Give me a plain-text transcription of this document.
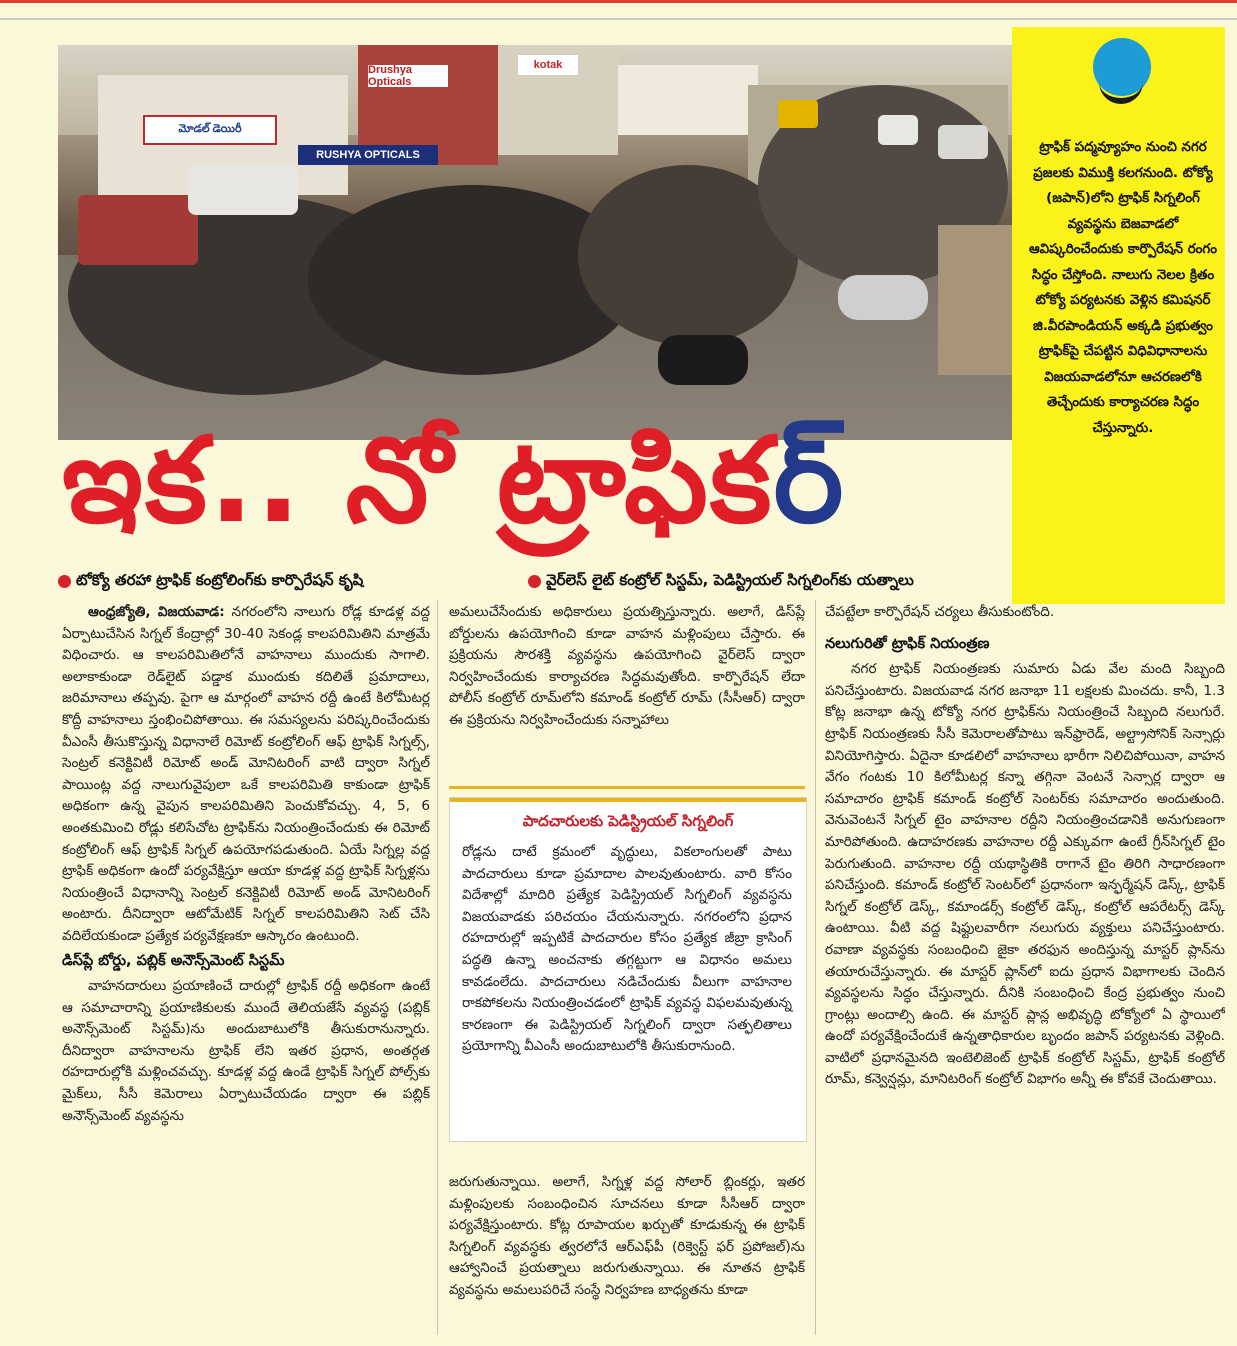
మోడల్ డెయిరీ
RUSHYA OPTICALS
Drushya Opticals
kotak
ట్రాఫిక్ పద్మవ్యూహం నుంచి నగర ప్రజలకు విముక్తి కలగనుంది. టోక్యో (జపాన్)లోని ట్రాఫిక్ సిగ్నలింగ్ వ్యవస్థను బెజవాడలో ఆవిష్కరించేందుకు కార్పొరేషన్ రంగం సిద్ధం చేస్తోంది. నాలుగు నెలల క్రితం టోక్యో పర్యటనకు వెళ్లిన కమిషనర్ జి.వీరపాండియన్ అక్కడి ప్రభుత్వం ట్రాఫిక్‌పై చేపట్టిన విధివిధానాలను విజయవాడలోనూ ఆచరణలోకి తెచ్చేందుకు కార్యాచరణ సిద్ధం చేస్తున్నారు.
ఇక.. నో ట్రాఫికర్
టోక్యో తరహా ట్రాఫిక్ కంట్రోలింగ్‌కు కార్పొరేషన్ కృషి	వైర్‌లెస్ లైట్ కంట్రోల్ సిస్టమ్, పెడిస్ట్రియల్ సిగ్నలింగ్‌కు యత్నాలు

ఆంధ్రజ్యోతి, విజయవాడ: నగరంలోని నాలుగు రోడ్ల కూడళ్ల వద్ద ఏర్పాటుచేసిన సిగ్నల్ కేంద్రాల్లో 30-40 సెకండ్ల కాలపరిమితిని మాత్రమే విధించారు. ఆ కాలపరిమితిలోనే వాహనాలు ముందుకు సాగాలి. అలాకాకుండా రెడ్‌లైట్ పడ్డాక ముందుకు కదిలితే ప్రమాదాలు, జరిమానాలు తప్పవు. పైగా ఆ మార్గంలో వాహన రద్దీ ఉంటే కిలోమీటర్ల కొద్దీ వాహనాలు స్తంభించిపోతాయి. ఈ సమస్యలను పరిష్కరించేందుకు వీఎంసీ తీసుకొస్తున్న విధానాలే రిమోట్ కంట్రోలింగ్ ఆఫ్ ట్రాఫిక్ సిగ్నల్స్, సెంట్రల్ కనెక్టివిటీ రిమోట్ అండ్ మోనిటరింగ్ వాటి ద్వారా సిగ్నల్ పాయింట్ల వద్ద నాలుగువైపులా ఒకే కాలపరిమితి కాకుండా ట్రాఫిక్ అధికంగా ఉన్న వైపున కాలపరిమితిని పెంచుకోవచ్చు. 4, 5, 6 అంతకుమించి రోడ్లు కలిసేచోట ట్రాఫిక్‌ను నియంత్రించేందుకు ఈ రిమోట్ కంట్రోలింగ్ ఆఫ్ ట్రాఫిక్ సిగ్నల్ ఉపయోగపడుతుంది. ఏయే సిగ్నల్ల వద్ద ట్రాఫిక్ అధికంగా ఉందో పర్యవేక్షిస్తూ ఆయా కూడళ్ల వద్ద ట్రాఫిక్ సిగ్నళ్లను నియంత్రించే విధానాన్ని సెంట్రల్ కనెక్టివిటీ రిమోట్ అండ్ మోనిటరింగ్ అంటారు. దీనిద్వారా ఆటోమేటిక్ సిగ్నల్ కాలపరిమితిని సెట్ చేసి వదిలేయకుండా ప్రత్యేక పర్యవేక్షణకూ ఆస్కారం ఉంటుంది.

డిస్‌ప్లే బోర్డు, పబ్లిక్ అనౌన్స్‌మెంట్ సిస్టమ్

వాహనదారులు ప్రయాణించే దారుల్లో ట్రాఫిక్ రద్దీ అధికంగా ఉంటే ఆ సమాచారాన్ని ప్రయాణికులకు ముందే తెలియజేసే వ్యవస్థ (పబ్లిక్ అనౌన్స్‌మెంట్ సిస్టమ్)ను అందుబాటులోకి తీసుకురానున్నారు. దీనిద్వారా వాహనాలను ట్రాఫిక్ లేని ఇతర ప్రధాన, అంతర్గత రహదారుల్లోకి మళ్లించవచ్చు. కూడళ్ల వద్ద ఉండే ట్రాఫిక్ సిగ్నల్ పోల్స్‌కు మైక్‌లు, సీసీ కెమెరాలు ఏర్పాటుచేయడం ద్వారా ఈ పబ్లిక్ అనౌన్స్‌మెంట్ వ్యవస్థను

అమలుచేసేందుకు అధికారులు ప్రయత్నిస్తున్నారు. అలాగే, డిస్‌ప్లే బోర్డులను ఉపయోగించి కూడా వాహన మళ్లింపులు చేస్తారు. ఈ ప్రక్రియను సౌరశక్తి వ్యవస్థను ఉపయోగించి వైర్‌లెస్ ద్వారా నిర్వహించేందుకు కార్యాచరణ సిద్ధమవుతోంది. కార్పొరేషన్ లేదా పోలీస్ కంట్రోల్ రూమ్‌లోని కమాండ్ కంట్రోల్ రూమ్ (సీసీఆర్) ద్వారా ఈ ప్రక్రియను నిర్వహించేందుకు సన్నాహాలు

పాదచారులకు పెడిస్ట్రియల్ సిగ్నలింగ్
రోడ్లను దాటే క్రమంలో వృద్ధులు, వికలాంగులతో పాటు పాదచారులు కూడా ప్రమాదాల పాలవుతుంటారు. వారి కోసం విదేశాల్లో మాదిరి ప్రత్యేక పెడిస్ట్రియల్ సిగ్నలింగ్ వ్యవస్థను విజయవాడకు పరిచయం చేయనున్నారు. నగరంలోని ప్రధాన రహదారుల్లో ఇప్పటికే పాదచారుల కోసం ప్రత్యేక జీబ్రా క్రాసింగ్ పద్ధతి ఉన్నా అంచనాకు తగ్గట్టుగా ఆ విధానం అమలు కావడంలేదు. పాదచారులు నడిచేందుకు వీలుగా వాహనాల రాకపోకలను నియంత్రించడంలో ట్రాఫిక్ వ్యవస్థ విఫలమవుతున్న కారణంగా ఈ పెడిస్ట్రియల్ సిగ్నలింగ్ ద్వారా సత్ఫలితాలు ప్రయోగాన్ని వీఎంసీ అందుబాటులోకి తీసుకురానుంది.

జరుగుతున్నాయి. అలాగే, సిగ్నళ్ల వద్ద సోలార్ బ్లింకర్లు, ఇతర మళ్లింపులకు సంబంధించిన సూచనలు కూడా సీసీఆర్ ద్వారా పర్యవేక్షిస్తుంటారు. కోట్ల రూపాయల ఖర్చుతో కూడుకున్న ఈ ట్రాఫిక్ సిగ్నలింగ్ వ్యవస్థకు త్వరలోనే ఆర్‌ఎఫ్‌పీ (రిక్వెస్ట్ ఫర్ ప్రపోజల్)ను ఆహ్వానించే ప్రయత్నాలు జరుగుతున్నాయి. ఈ నూతన ట్రాఫిక్ వ్యవస్థను అమలుపరిచే సంస్థే నిర్వహణ బాధ్యతను కూడా

చేపట్టేలా కార్పొరేషన్ చర్యలు తీసుకుంటోంది.

నలుగురితో ట్రాఫిక్ నియంత్రణ

నగర ట్రాఫిక్ నియంత్రణకు సుమారు ఏడు వేల మంది సిబ్బంది పనిచేస్తుంటారు. విజయవాడ నగర జనాభా 11 లక్షలకు మించదు. కానీ, 1.3 కోట్ల జనాభా ఉన్న టోక్యో నగర ట్రాఫిక్‌ను నియంత్రించే సిబ్బంది నలుగురే. ట్రాఫిక్ నియంత్రణకు సీసీ కెమెరాలతోపాటు ఇన్‌ఫ్రారెడ్, అల్ట్రాసోనిక్ సెన్సార్లు వినియోగిస్తారు. ఏదైనా కూడలిలో వాహనాలు భారీగా నిలిచిపోయినా, వాహన వేగం గంటకు 10 కిలోమీటర్ల కన్నా తగ్గినా వెంటనే సెన్సార్ల ద్వారా ఆ సమాచారం ట్రాఫిక్ కమాండ్ కంట్రోల్ సెంటర్‌కు సమాచారం అందుతుంది. వెనువెంటనే సిగ్నల్ టైం వాహనాల రద్దీని నియంత్రించడానికి అనుగుణంగా మారిపోతుంది. ఉదాహరణకు వాహనాల రద్దీ ఎక్కువగా ఉంటే గ్రీన్‌సిగ్నల్ టైం పెరుగుతుంది. వాహనాల రద్దీ యథాస్థితికి రాగానే టైం తిరిగి సాధారణంగా పనిచేస్తుంది. కమాండ్ కంట్రోల్ సెంటర్‌లో ప్రధానంగా ఇన్ఫర్మేషన్ డెస్క్, ట్రాఫిక్ సిగ్నల్ కంట్రోల్ డెస్క్, కమాండర్స్ కంట్రోల్ డెస్క్, కంట్రోల్ ఆపరేటర్స్ డెస్క్ ఉంటాయి. వీటి వద్ద షిఫ్టులవారీగా నలుగురు వ్యక్తులు పనిచేస్తుంటారు. రవాణా వ్యవస్థకు సంబంధించి జైకా తరఫున అందిస్తున్న మాస్టర్ ప్లాన్‌ను తయారుచేస్తున్నారు. ఈ మాస్టర్ ప్లాన్‌లో ఐదు ప్రధాన విభాగాలకు చెందిన వ్యవస్థలను సిద్ధం చేస్తున్నారు. దీనికి సంబంధించి కేంద్ర ప్రభుత్వం నుంచి గ్రాంట్లు అందాల్సి ఉంది. ఈ మాస్టర్ ప్లాన్ల అభివృద్ధి టోక్యోలో ఏ స్థాయిలో ఉందో పర్యవేక్షించేందుకే ఉన్నతాధికారుల బృందం జపాన్ పర్యటనకు వెళ్లింది. వాటిలో ప్రధానమైనది ఇంటెలిజెంట్ ట్రాఫిక్ కంట్రోల్ సిస్టమ్, ట్రాఫిక్ కంట్రోల్ రూమ్, కన్వెన్షన్లు, మానిటరింగ్ కంట్రోల్ విభాగం అన్నీ ఈ కోవకే చెందుతాయి.
